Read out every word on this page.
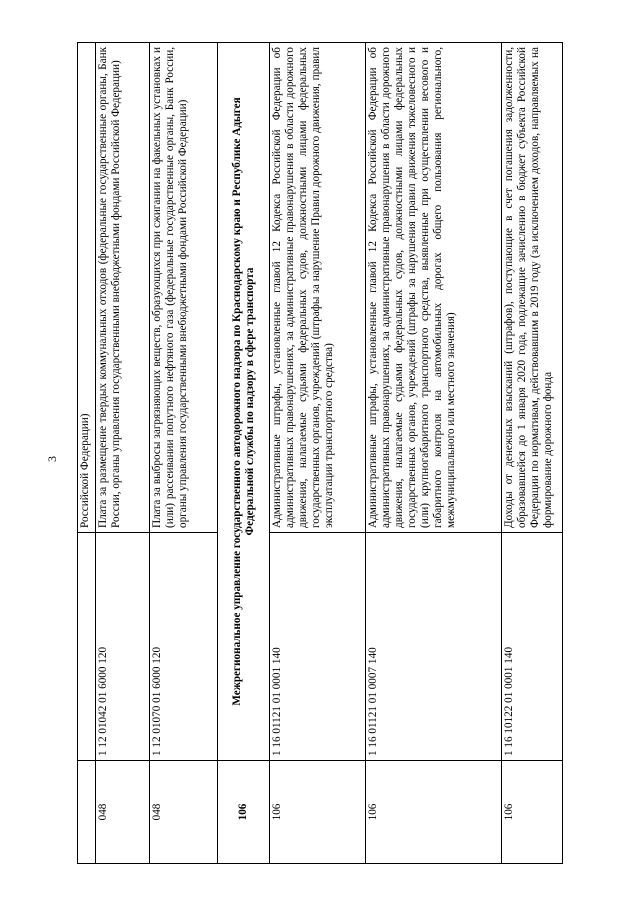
3
		Российской Федерации)
048	1 12 01042 01 6000 120	Плата за размещение твердых коммунальных отходов (федеральные государственные органы, Банк России, органы управления государственными внебюджетными фондами Российской Федерации)
048	1 12 01070 01 6000 120	Плата за выбросы загрязняющих веществ, образующихся при сжигании на факельных установках и (или) рассеивании попутного нефтяного газа (федеральные государственные органы, Банк России, органы управления государственными внебюджетными фондами Российской Федерации)
106	Межрегиональное управление государственного автодорожного надзора по Краснодарскому краю и Республике Адыгея Федеральной службы по надзору в сфере транспорта	
106	1 16 01121 01 0001 140	Административные штрафы, установленные главой 12 Кодекса Российской Федерации об административных правонарушениях, за административные правонарушения в области дорожного движения, налагаемые судьями федеральных судов, должностными лицами федеральных государственных органов, учреждений (штрафы за нарушение Правил дорожного движения, правил эксплуатации транспортного средства)
106	1 16 01121 01 0007 140	Административные штрафы, установленные главой 12 Кодекса Российской Федерации об административных правонарушениях, за административные правонарушения в области дорожного движения, налагаемые судьями федеральных судов, должностными лицами федеральных государственных органов, учреждений (штрафы за нарушения правил движения тяжеловесного и (или) крупногабаритного транспортного средства, выявленные при осуществлении весового и габаритного контроля на автомобильных дорогах общего пользования регионального, межмуниципального или местного значения)
106	1 16 10122 01 0001 140	Доходы от денежных взысканий (штрафов), поступающие в счет погашения задолженности, образовавшейся до 1 января 2020 года, подлежащие зачислению в бюджет субъекта Российской Федерации по нормативам, действовавшим в 2019 году (за исключением доходов, направляемых на формирование дорожного фонда
